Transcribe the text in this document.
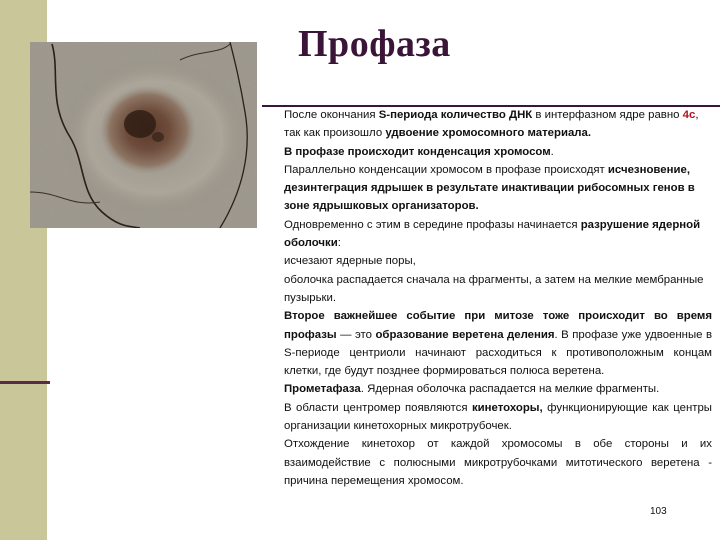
Профаза

После окончания S-периода количество ДНК в интерфазном ядре равно 4с, так как произошло удвоение хромосомного материала.

В профазе происходит конденсация хромосом.

Параллельно конденсации хромосом в профазе происходят исчезновение, дезинтеграция ядрышек в результате инактивации рибосомных генов в зоне ядрышковых организаторов.

Одновременно с этим в середине профазы начинается разрушение ядерной оболочки:

исчезают ядерные поры,

оболочка распадается сначала на фрагменты, а затем на мелкие мембранные пузырьки.

Второе важнейшее событие при митозе тоже происходит во время профазы — это образование веретена деления. В профазе уже удвоенные в S-периоде центриоли начинают расходиться к противоположным концам клетки, где будут позднее формироваться полюса веретена.

Прометафаза. Ядерная оболочка распадается на мелкие фрагменты.

В области центромер появляются кинетохоры, функционирующие как центры организации кинетохорных микротрубочек.

Отхождение кинетохор от каждой хромосомы в обе стороны и их взаимодействие с полюсными микротрубочками митотического веретена - причина перемещения хромосом.

103
